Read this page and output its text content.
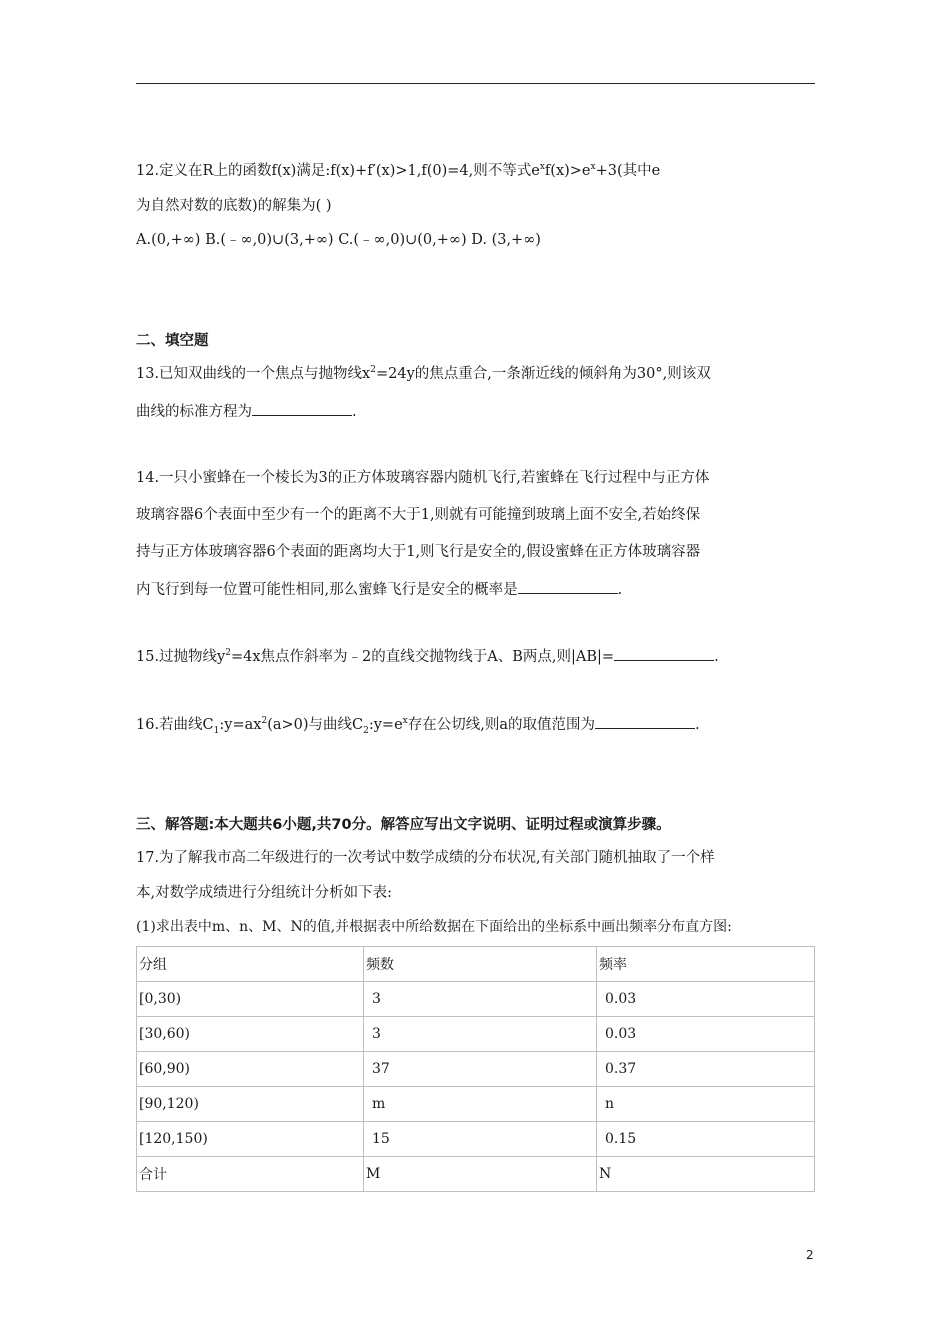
12.定义在R上的函数f(x)满足:f(x)+f′(x)>1,f(0)=4,则不等式$e^xf(x)>e^x+3$(其中e
为自然对数的底数)的解集为( )
A.(0,+∞) B.(﹣∞,0)∪(3,+∞) C.(﹣∞,0)∪(0,+∞) D. (3,+∞)
二、填空题
13.已知双曲线的一个焦点与抛物线$x^2=24y$的焦点重合,一条渐近线的倾斜角为30°,则该双
曲线的标准方程为	.
14.一只小蜜蜂在一个棱长为3的正方体玻璃容器内随机飞行,若蜜蜂在飞行过程中与正方体
玻璃容器6个表面中至少有一个的距离不大于1,则就有可能撞到玻璃上面不安全,若始终保
持与正方体玻璃容器6个表面的距离均大于1,则飞行是安全的,假设蜜蜂在正方体玻璃容器
内飞行到每一位置可能性相同,那么蜜蜂飞行是安全的概率是	.
15.过抛物线$y^2=4x$焦点作斜率为﹣2的直线交抛物线于A、B两点,则|AB|=	.
16.若曲线$C_1:y=ax^2(a>0)$与曲线$C_2:y=e^x$存在公切线,则a的取值范围为	.
三、解答题:本大题共6小题,共70分。解答应写出文字说明、证明过程或演算步骤。
17.为了解我市高二年级进行的一次考试中数学成绩的分布状况,有关部门随机抽取了一个样
本,对数学成绩进行分组统计分析如下表:
(1)求出表中m、n、M、N的值,并根据表中所给数据在下面给出的坐标系中画出频率分布直方图:
分组	频数	频率
[0,30)	3	0.03
[30,60)	3	0.03
[60,90)	37	0.37
[90,120)	m	n
[120,150)	15	0.15
合计	M	N
2
